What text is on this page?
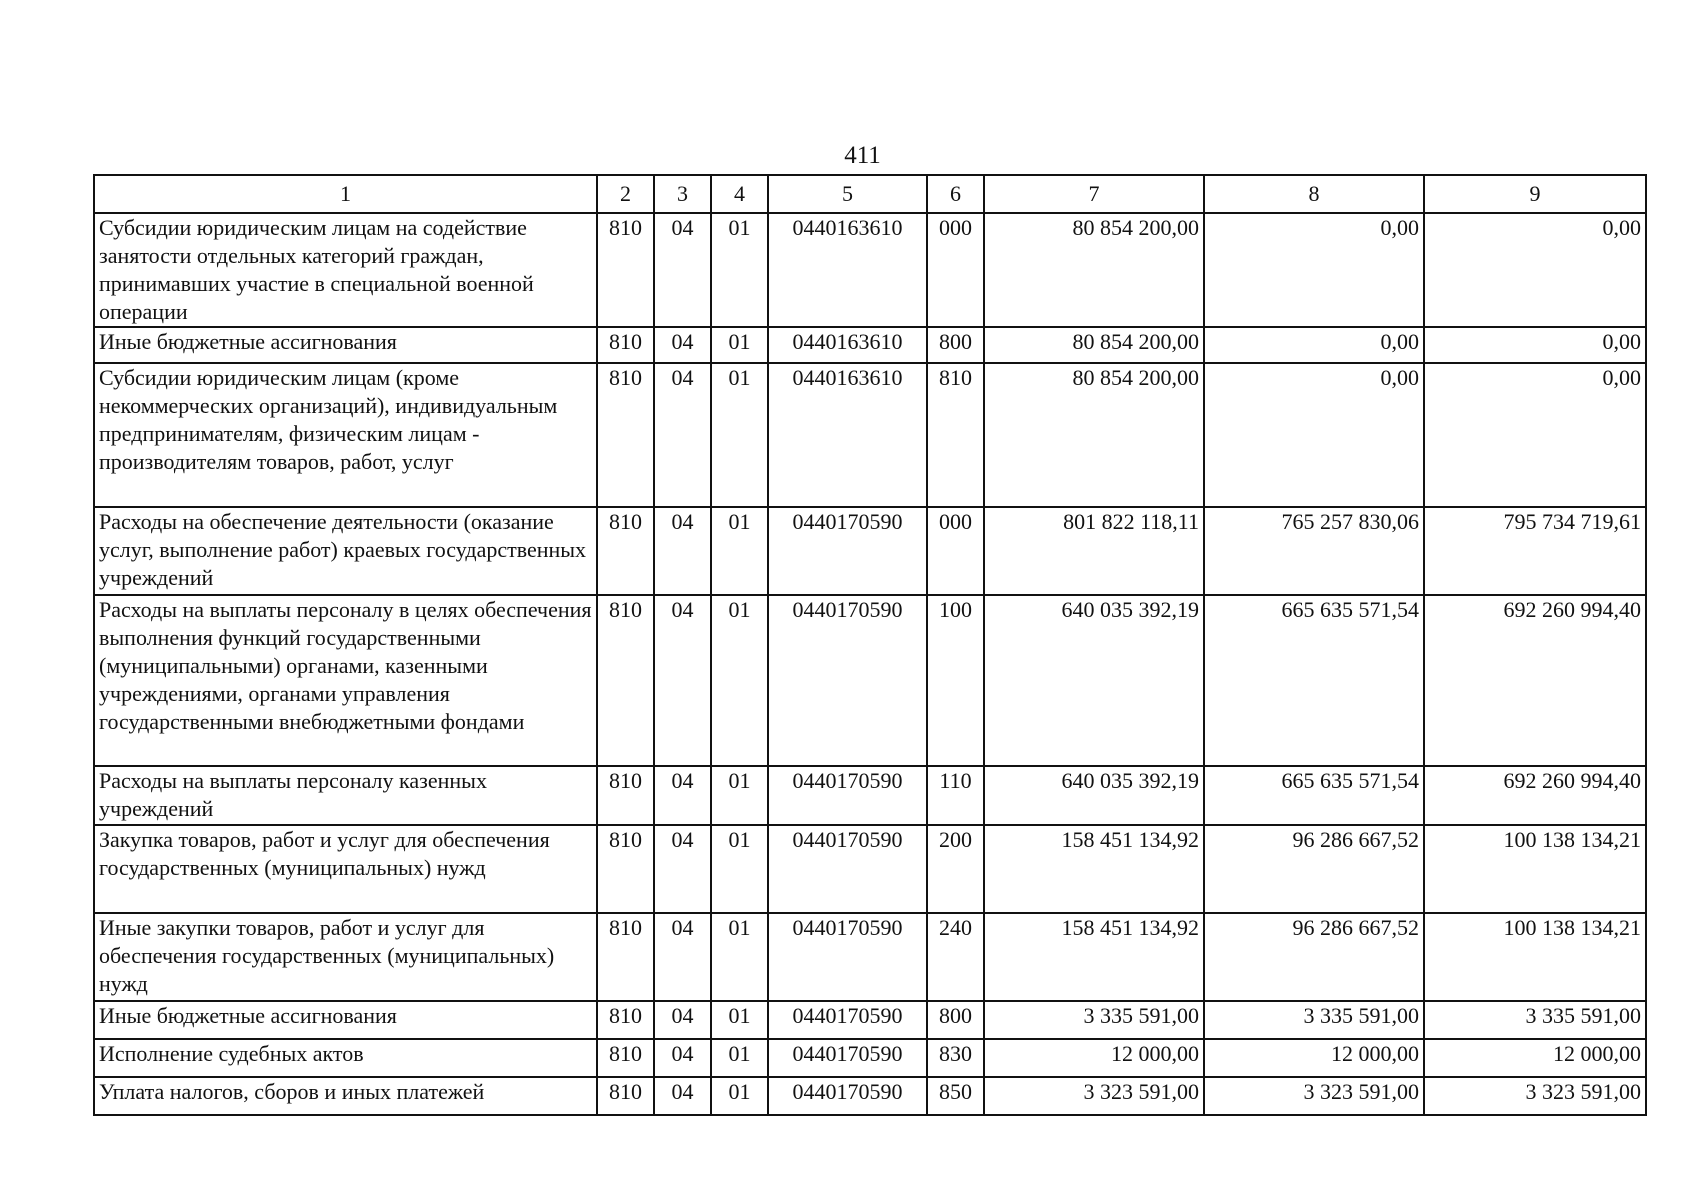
411
1	2	3	4	5	6	7	8	9
Субсидии юридическим лицам на содействие занятости отдельных категорий граждан, принимавших участие в специальной военной операции	810	04	01	0440163610	000	80 854 200,00	0,00	0,00
Иные бюджетные ассигнования	810	04	01	0440163610	800	80 854 200,00	0,00	0,00
Субсидии юридическим лицам (кроме некоммерческих организаций), индивидуальным предпринимателям, физическим лицам - производителям товаров, работ, услуг	810	04	01	0440163610	810	80 854 200,00	0,00	0,00
Расходы на обеспечение деятельности (оказание услуг, выполнение работ) краевых государственных учреждений	810	04	01	0440170590	000	801 822 118,11	765 257 830,06	795 734 719,61
Расходы на выплаты персоналу в целях обеспечения выполнения функций государственными (муниципальными) органами, казенными учреждениями, органами управления государственными внебюджетными фондами	810	04	01	0440170590	100	640 035 392,19	665 635 571,54	692 260 994,40
Расходы на выплаты персоналу казенных учреждений	810	04	01	0440170590	110	640 035 392,19	665 635 571,54	692 260 994,40
Закупка товаров, работ и услуг для обеспечения государственных (муниципальных) нужд	810	04	01	0440170590	200	158 451 134,92	96 286 667,52	100 138 134,21
Иные закупки товаров, работ и услуг для обеспечения государственных (муниципальных) нужд	810	04	01	0440170590	240	158 451 134,92	96 286 667,52	100 138 134,21
Иные бюджетные ассигнования	810	04	01	0440170590	800	3 335 591,00	3 335 591,00	3 335 591,00
Исполнение судебных актов	810	04	01	0440170590	830	12 000,00	12 000,00	12 000,00
Уплата налогов, сборов и иных платежей	810	04	01	0440170590	850	3 323 591,00	3 323 591,00	3 323 591,00
